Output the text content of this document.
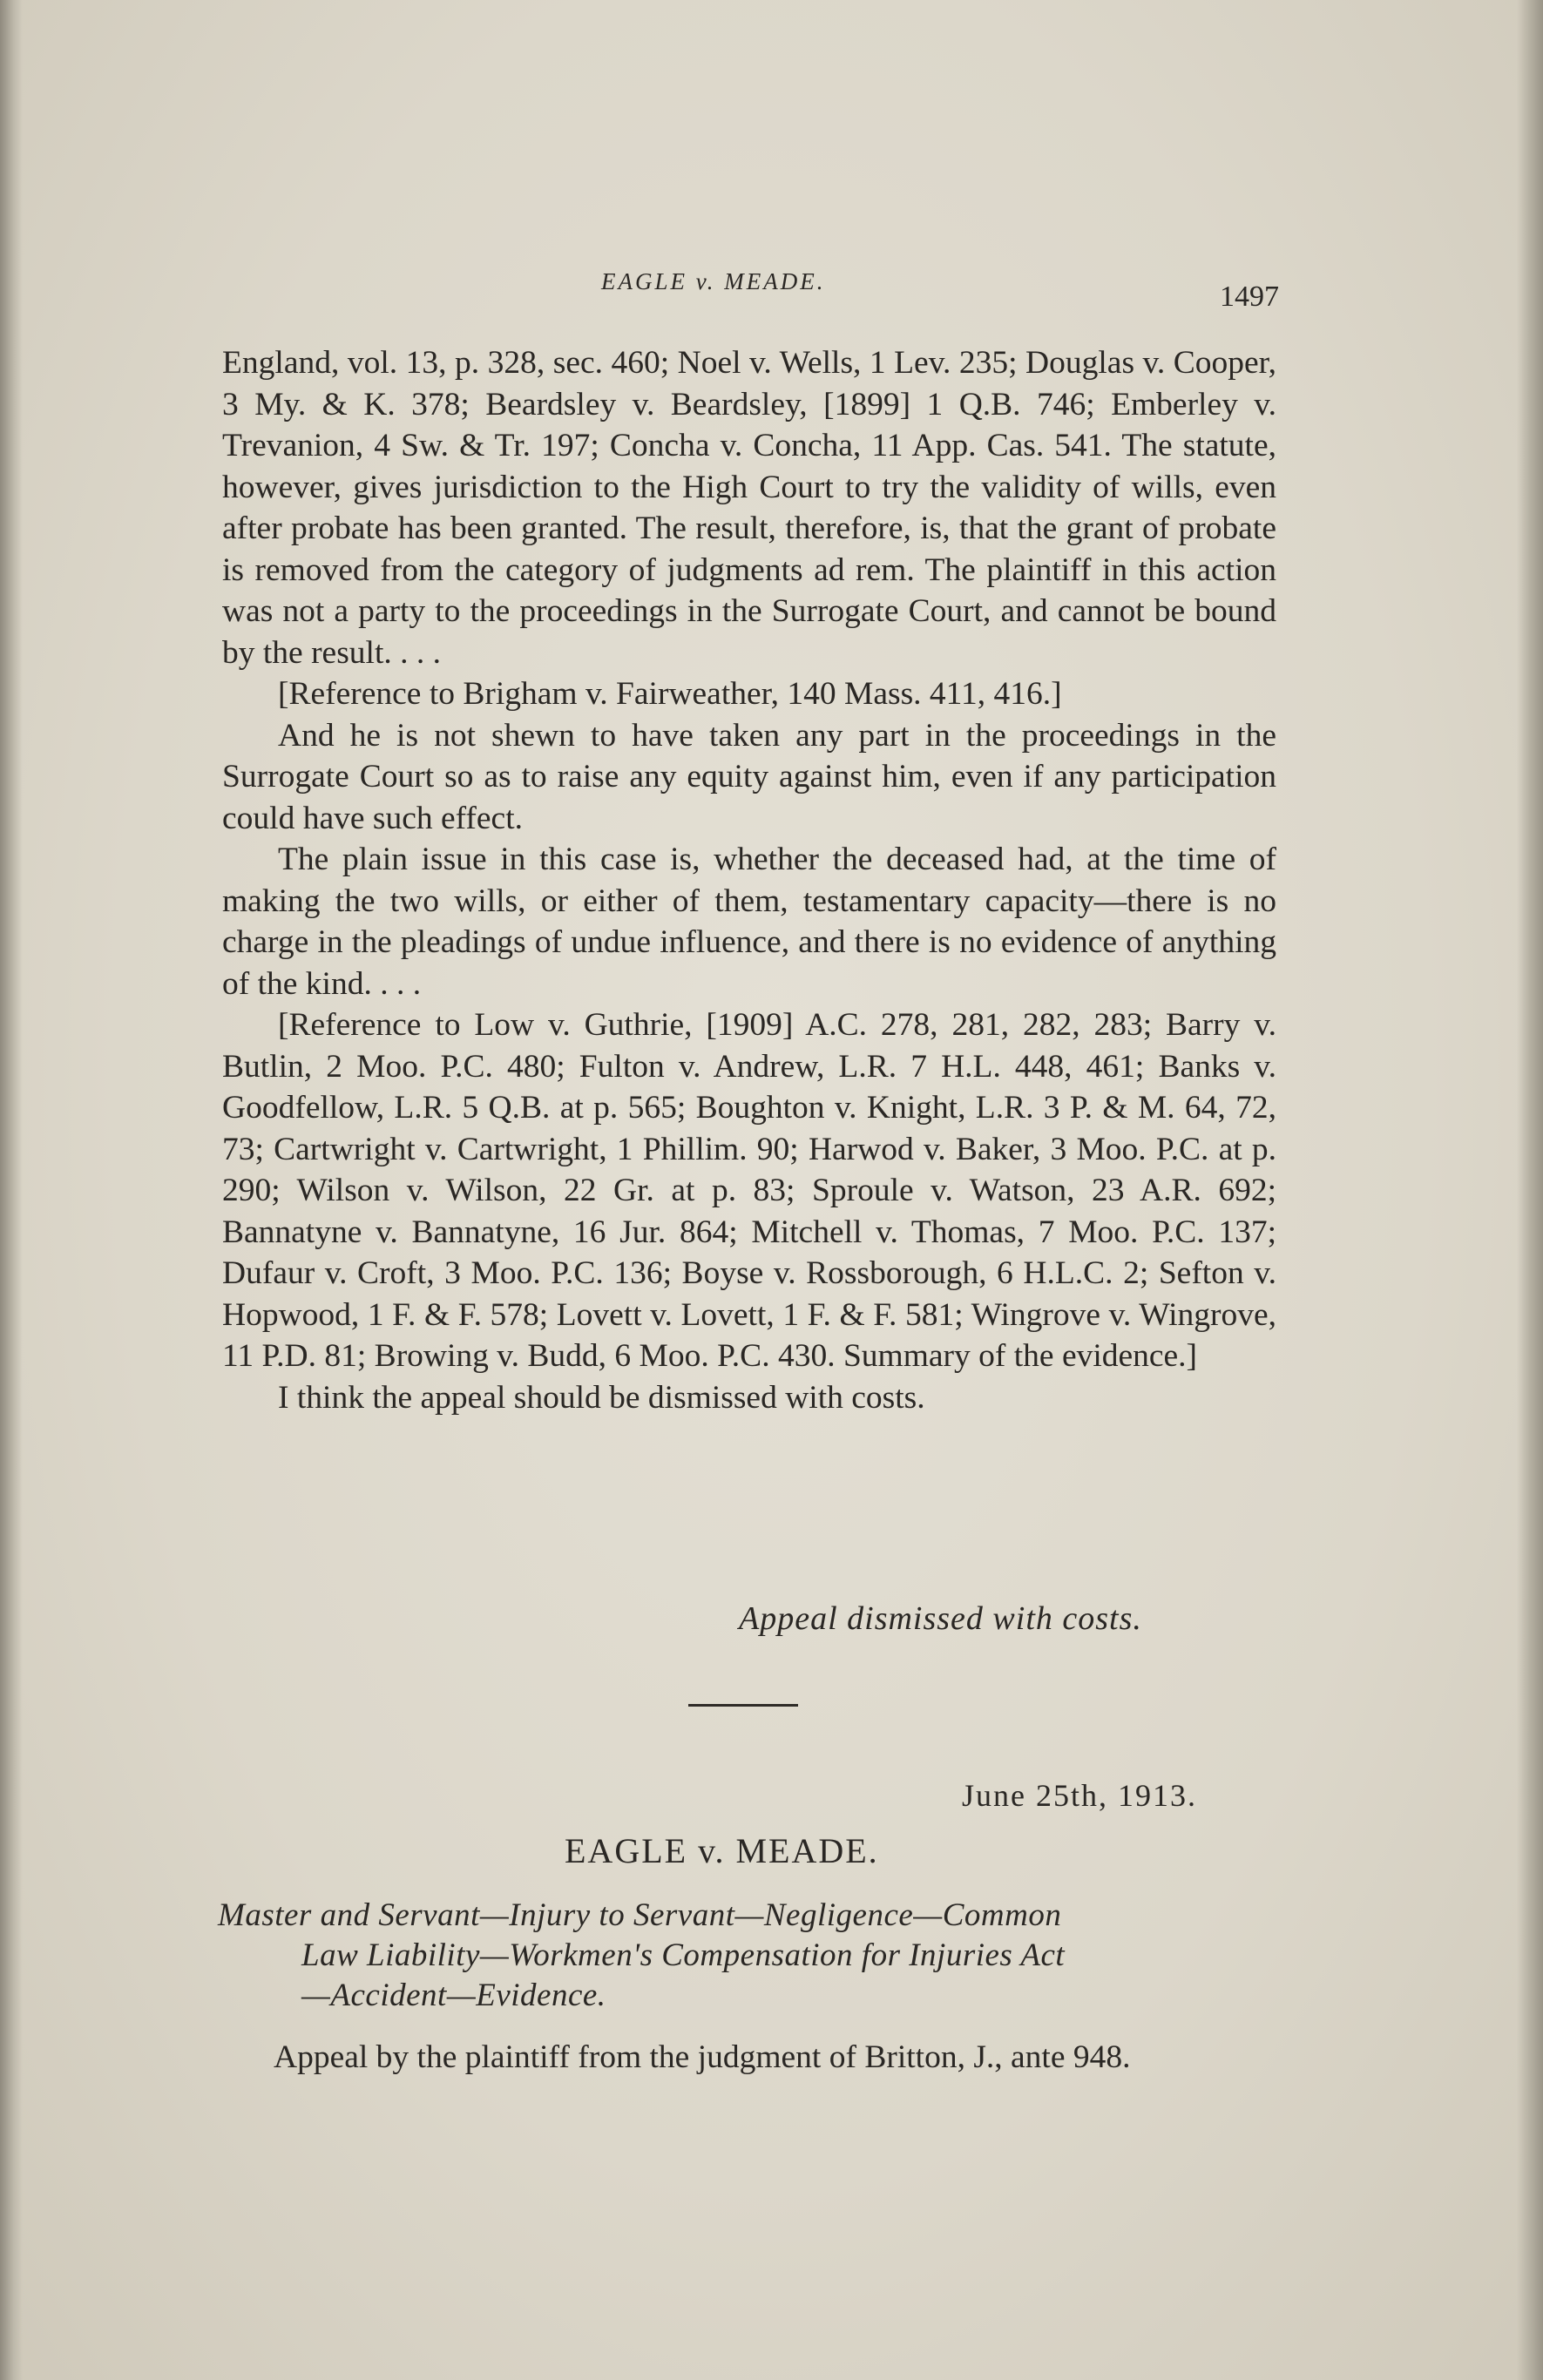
EAGLE v. MEADE.	1497

England, vol. 13, p. 328, sec. 460; Noel v. Wells, 1 Lev. 235; Douglas v. Cooper, 3 My. & K. 378; Beardsley v. Beardsley, [1899] 1 Q.B. 746; Emberley v. Trevanion, 4 Sw. & Tr. 197; Concha v. Concha, 11 App. Cas. 541. The statute, however, gives jurisdiction to the High Court to try the validity of wills, even after probate has been granted. The result, therefore, is, that the grant of probate is removed from the category of judgments ad rem. The plaintiff in this action was not a party to the proceedings in the Surrogate Court, and cannot be bound by the result. . . .

[Reference to Brigham v. Fairweather, 140 Mass. 411, 416.]

And he is not shewn to have taken any part in the proceedings in the Surrogate Court so as to raise any equity against him, even if any participation could have such effect.

The plain issue in this case is, whether the deceased had, at the time of making the two wills, or either of them, testamentary capacity—there is no charge in the pleadings of undue influence, and there is no evidence of anything of the kind. . . .

[Reference to Low v. Guthrie, [1909] A.C. 278, 281, 282, 283; Barry v. Butlin, 2 Moo. P.C. 480; Fulton v. Andrew, L.R. 7 H.L. 448, 461; Banks v. Goodfellow, L.R. 5 Q.B. at p. 565; Boughton v. Knight, L.R. 3 P. & M. 64, 72, 73; Cartwright v. Cartwright, 1 Phillim. 90; Harwod v. Baker, 3 Moo. P.C. at p. 290; Wilson v. Wilson, 22 Gr. at p. 83; Sproule v. Watson, 23 A.R. 692; Bannatyne v. Bannatyne, 16 Jur. 864; Mitchell v. Thomas, 7 Moo. P.C. 137; Dufaur v. Croft, 3 Moo. P.C. 136; Boyse v. Rossborough, 6 H.L.C. 2; Sefton v. Hopwood, 1 F. & F. 578; Lovett v. Lovett, 1 F. & F. 581; Wingrove v. Wingrove, 11 P.D. 81; Browing v. Budd, 6 Moo. P.C. 430. Summary of the evidence.]

I think the appeal should be dismissed with costs.

Appeal dismissed with costs.
June 25th, 1913.
EAGLE v. MEADE.
Master and Servant—Injury to Servant—Negligence—Common
Law Liability—Workmen's Compensation for Injuries Act
—Accident—Evidence.
Appeal by the plaintiff from the judgment of Britton, J., ante 948.
